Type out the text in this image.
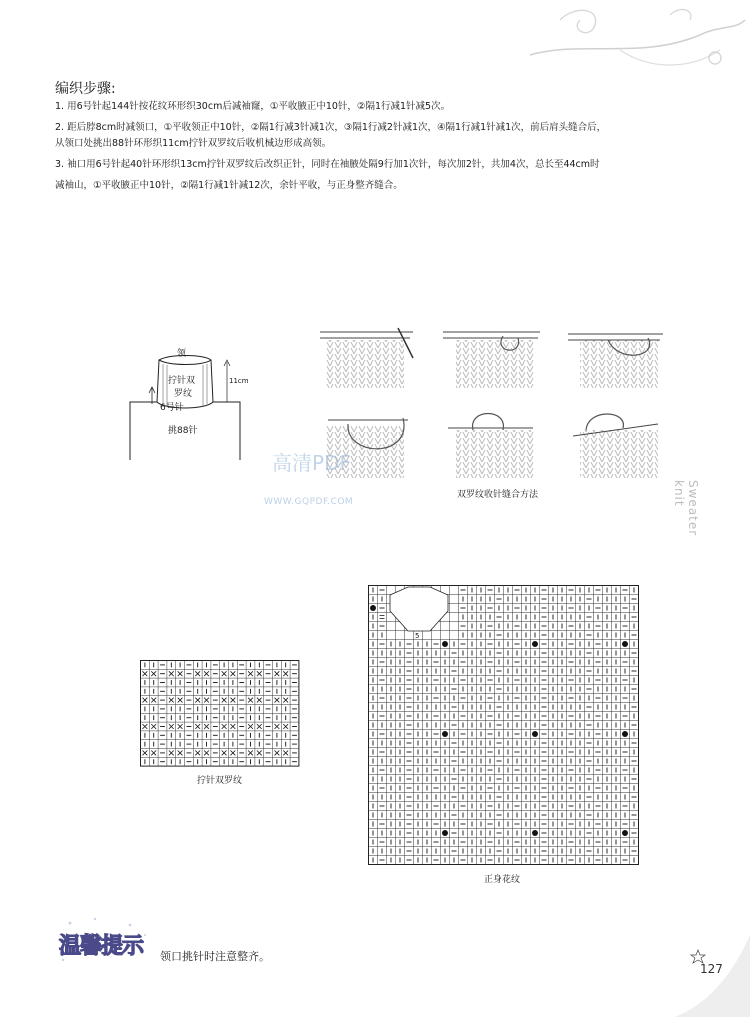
编织步骤:
1. 用6号针起144针按花纹环形织30cm后减袖窿，①平收腋正中10针，②隔1行减1针减5次。
2. 距后脖8cm时减领口，①平收领正中10针，②隔1行减3针减1次，③隔1行减2针减1次，④隔1行减1针减1次，前后肩头缝合后，
从领口处挑出88针环形织11cm拧针双罗纹后收机械边形成高领。
3. 袖口用6号针起40针环形织13cm拧针双罗纹后改织正针，同时在袖腋处隔9行加1次针，每次加2针，共加4次，总长至44cm时
减袖山，①平收腋正中10针，②隔1行减1针减12次，余针平收，与正身整齐缝合。
领
拧针双
罗纹
6号针
11cm
挑88针
双罗纹收针缝合方法
高清PDF
WWW.GQPDF.COM	Sweater knit
拧针双罗纹
5
正身花纹
温馨提示 领口挑针时注意整齐。
127
